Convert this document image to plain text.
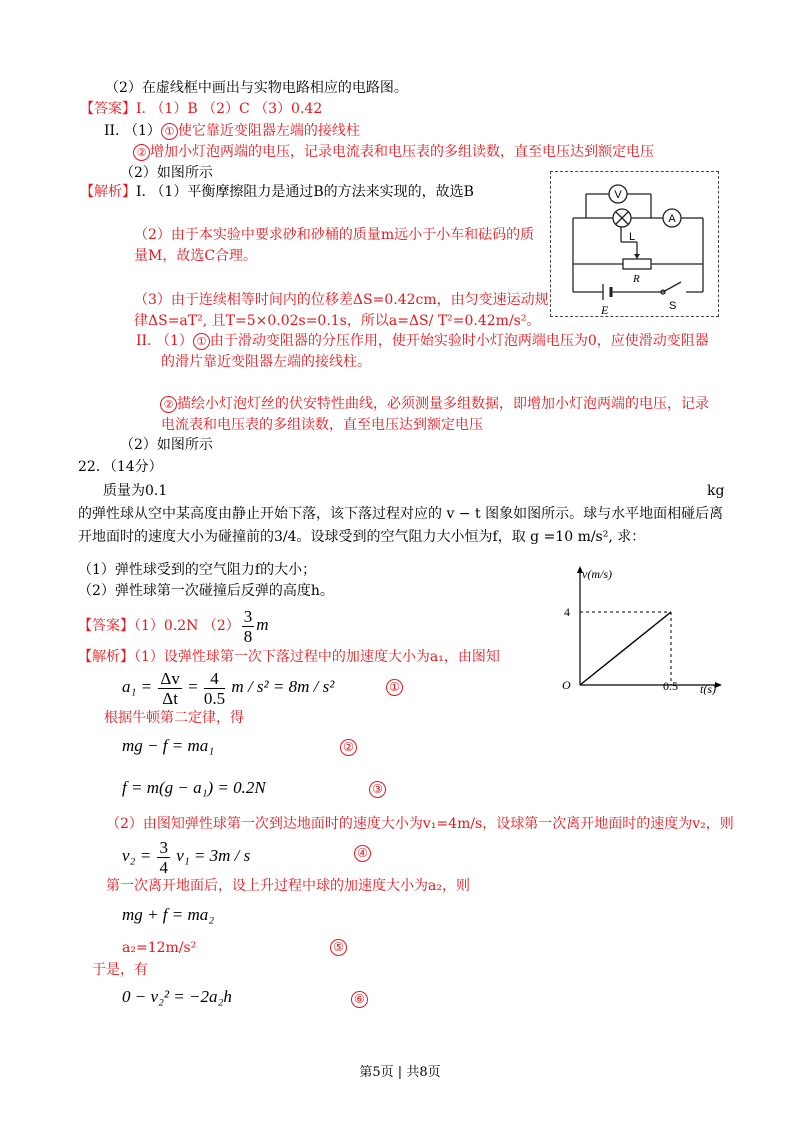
（2）在虚线框中画出与实物电路相应的电路图。
【答案】I. （1）B （2）C （3）0.42
II. （1） ① 使它靠近变阻器左端的接线柱
② 增加小灯泡两端的电压，记录电流表和电压表的多组读数，直至电压达到额定电压
（2）如图所示
【解析】I. （1）平衡摩擦阻力是通过B的方法来实现的，故选B
（2）由于本实验中要求砂和砂桶的质量m远小于小车和砝码的质
量M，故选C合理。
（3）由于连续相等时间内的位移差ΔS=0.42cm，由匀变速运动规
律ΔS=aT², 且T=5×0.02s=0.1s，所以a=ΔS/ T²=0.42m/s²。
II. （1） ① 由于滑动变阻器的分压作用，使开始实验时小灯泡两端电压为0，应使滑动变阻器
的滑片靠近变阻器左端的接线柱。
② 描绘小灯泡灯丝的伏安特性曲线，必须测量多组数据，即增加小灯泡两端的电压，记录
电流表和电压表的多组读数，直至电压达到额定电压
（2）如图所示
V
A
L
R
E	S
22．（14分）
质量为0.1	kg
的弹性球从空中某高度由静止开始下落，该下落过程对应的 v − t 图象如图所示。球与水平地面相碰后离
开地面时的速度大小为碰撞前的3/4。设球受到的空气阻力大小恒为f，取 g =10 m/s², 求：
（1）弹性球受到的空气阻力f的大小；
（2）弹性球第一次碰撞后反弹的高度h。
【答案】（1）0.2N $(2) \frac{3}{8}$ m
【解析】（1）设弹性球第一次下落过程中的加速度大小为a₁，由图知
$a_1 = \frac{\Delta v}{\Delta t} = \frac{4}{0.5}$ m / s² = 8m / s²	①
根据牛顿第二定律，得
mg − f = ma₁	②
f = m(g − a₁) = 0.2N	③
（2）由图知弹性球第一次到达地面时的速度大小为v₁=4m/s，设球第一次离开地面时的速度为v₂，则
$v_2 = \frac{3}{4} v_1 = 3m / s$	④
第一次离开地面后，设上升过程中球的加速度大小为a₂，则
mg + f = ma₂
a₂=12m/s²	⑤
于是，有
0 − v₂² = −2a₂h	⑥
v(m/s)
t(s)
O
4
0.5
第5页 | 共8页
